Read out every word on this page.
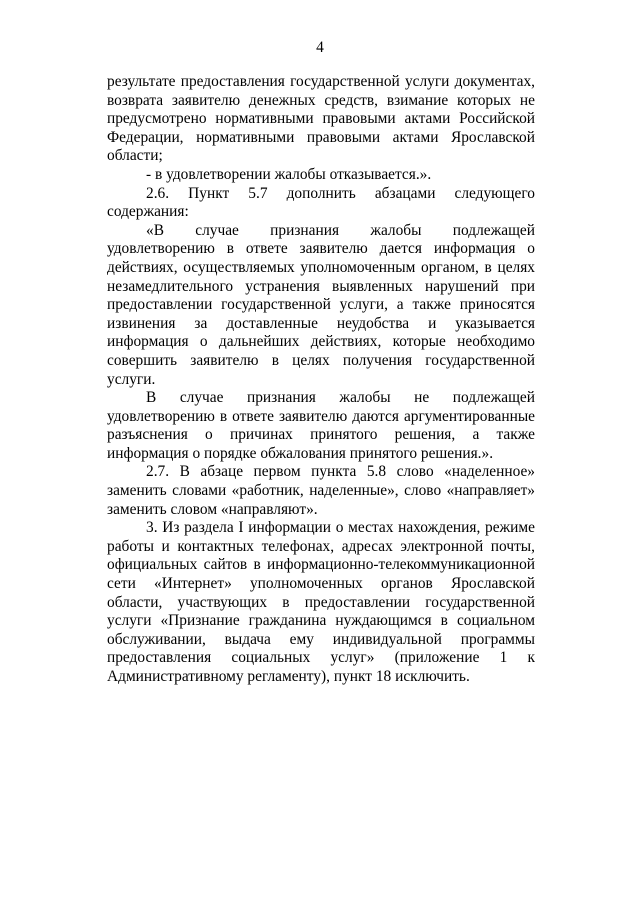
4

результате предоставления государственной услуги документах, возврата заявителю денежных средств, взимание которых не предусмотрено нормативными правовыми актами Российской Федерации, нормативными правовыми актами Ярославской области;

- в удовлетворении жалобы отказывается.».

2.6. Пункт 5.7 дополнить абзацами следующего содержания:

«В случае признания жалобы подлежащей удовлетворению в ответе заявителю дается информация о действиях, осуществляемых уполномоченным органом, в целях незамедлительного устранения выявленных нарушений при предоставлении государственной услуги, а также приносятся извинения за доставленные неудобства и указывается информация о дальнейших действиях, которые необходимо совершить заявителю в целях получения государственной услуги.

В случае признания жалобы не подлежащей удовлетворению в ответе заявителю даются аргументированные разъяснения о причинах принятого решения, а также информация о порядке обжалования принятого решения.».

2.7. В абзаце первом пункта 5.8 слово «наделенное» заменить словами «работник, наделенные», слово «направляет» заменить словом «направляют».

3. Из раздела I информации о местах нахождения, режиме работы и контактных телефонах, адресах электронной почты, официальных сайтов в информационно-телекоммуникационной сети «Интернет» уполномоченных органов Ярославской области, участвующих в предоставлении государственной услуги «Признание гражданина нуждающимся в социальном обслуживании, выдача ему индивидуальной программы предоставления социальных услуг» (приложение 1 к Административному регламенту), пункт 18 исключить.
